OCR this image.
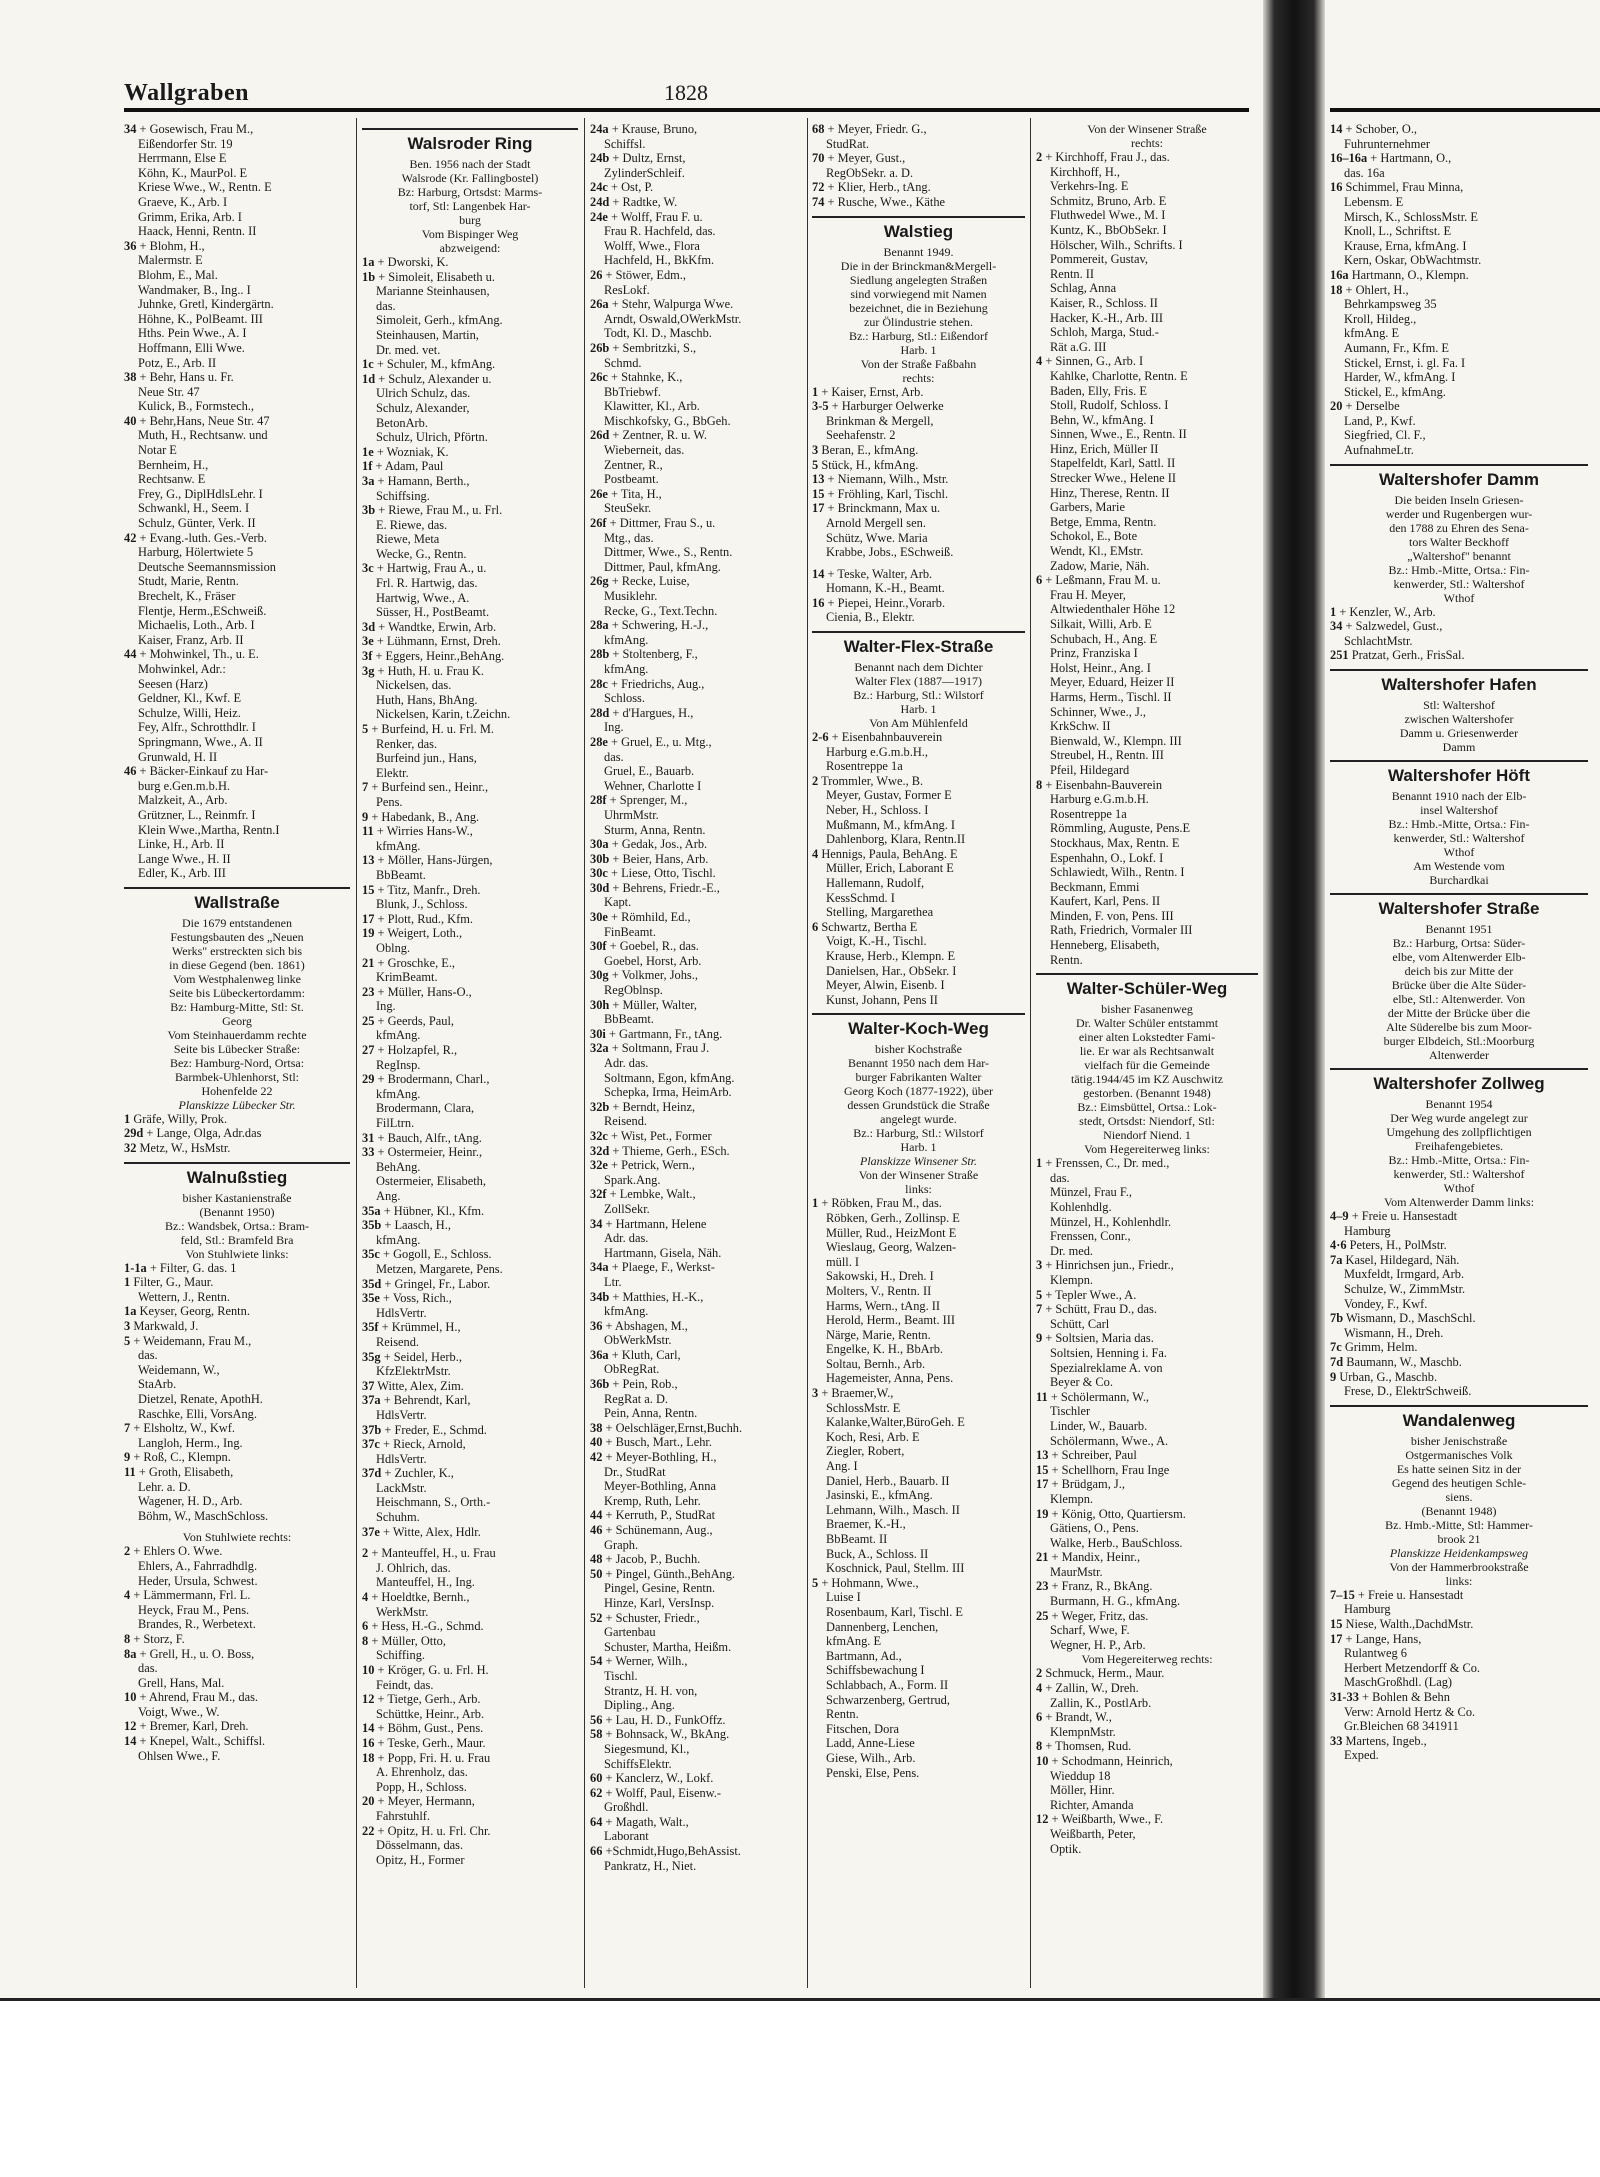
Wallgraben	1828
34 + Gosewisch, Frau M.,
Eißendorfer Str. 19
Herrmann, Else E
Köhn, K., MaurPol. E
Kriese Wwe., W., Rentn. E
Graeve, K., Arb. I
Grimm, Erika, Arb. I
Haack, Henni, Rentn. II
36 + Blohm, H.,
Malermstr. E
Blohm, E., Mal.
Wandmaker, B., Ing.. I
Juhnke, Gretl, Kindergärtn.
Höhne, K., PolBeamt. III
Hths. Pein Wwe., A. I
Hoffmann, Elli Wwe.
Potz, E., Arb. II
38 + Behr, Hans u. Fr.
Neue Str. 47
Kulick, B., Formstech.,
40 + Behr,Hans, Neue Str. 47
Muth, H., Rechtsanw. und
Notar E
Bernheim, H.,
Rechtsanw. E
Frey, G., DiplHdlsLehr. I
Schwankl, H., Seem. I
Schulz, Günter, Verk. II
42 + Evang.-luth. Ges.-Verb.
Harburg, Hölertwiete 5
Deutsche Seemannsmission
Studt, Marie, Rentn.
Brechelt, K., Fräser
Flentje, Herm.,ESchweiß.
Michaelis, Loth., Arb. I
Kaiser, Franz, Arb. II
44 + Mohwinkel, Th., u. E.
Mohwinkel, Adr.:
Seesen (Harz)
Geldner, Kl., Kwf. E
Schulze, Willi, Heiz.
Fey, Alfr., Schrotthdlr. I
Springmann, Wwe., A. II
Grunwald, H. II
46 + Bäcker-Einkauf zu Har-
burg e.Gen.m.b.H.
Malzkeit, A., Arb.
Grützner, L., Reinmfr. I
Klein Wwe.,Martha, Rentn.I
Linke, H., Arb. II
Lange Wwe., H. II
Edler, K., Arb. III
Wallstraße
Die 1679 entstandenen
Festungsbauten des „Neuen
Werks" erstreckten sich bis
in diese Gegend (ben. 1861)
Vom Westphalenweg linke
Seite bis Lübeckertordamm:
Bz: Hamburg-Mitte, Stl: St.
Georg
Vom Steinhauerdamm rechte
Seite bis Lübecker Straße:
Bez: Hamburg-Nord, Ortsa:
Barmbek-Uhlenhorst, Stl:
Hohenfelde 22
Planskizze Lübecker Str.
1 Gräfe, Willy, Prok.
29d + Lange, Olga, Adr.das
32 Metz, W., HsMstr.
Walnußstieg
bisher Kastanienstraße
(Benannt 1950)
Bz.: Wandsbek, Ortsa.: Bram-
feld, Stl.: Bramfeld Bra
Von Stuhlwiete links:
1-1a + Filter, G. das. 1
1 Filter, G., Maur.
Wettern, J., Rentn.
1a Keyser, Georg, Rentn.
3 Markwald, J.
5 + Weidemann, Frau M.,
das.
Weidemann, W.,
StaArb.
Dietzel, Renate, ApothH.
Raschke, Elli, VorsAng.
7 + Elsholtz, W., Kwf.
Langloh, Herm., Ing.
9 + Roß, C., Klempn.
11 + Groth, Elisabeth,
Lehr. a. D.
Wagener, H. D., Arb.
Böhm, W., MaschSchloss.
Von Stuhlwiete rechts:
2 + Ehlers O. Wwe.
Ehlers, A., Fahrradhdlg.
Heder, Ursula, Schwest.
4 + Lämmermann, Frl. L.
Heyck, Frau M., Pens.
Brandes, R., Werbetext.
8 + Storz, F.
8a + Grell, H., u. O. Boss,
das.
Grell, Hans, Mal.
10 + Ahrend, Frau M., das.
Voigt, Wwe., W.
12 + Bremer, Karl, Dreh.
14 + Knepel, Walt., Schiffsl.
Ohlsen Wwe., F.
Walsroder Ring
Ben. 1956 nach der Stadt
Walsrode (Kr. Fallingbostel)
Bz: Harburg, Ortsdst: Marms-
torf, Stl: Langenbek Har-
burg
Vom Bispinger Weg
abzweigend:
1a + Dworski, K.
1b + Simoleit, Elisabeth u.
Marianne Steinhausen,
das.
Simoleit, Gerh., kfmAng.
Steinhausen, Martin,
Dr. med. vet.
1c + Schuler, M., kfmAng.
1d + Schulz, Alexander u.
Ulrich Schulz, das.
Schulz, Alexander,
BetonArb.
Schulz, Ulrich, Pförtn.
1e + Wozniak, K.
1f + Adam, Paul
3a + Hamann, Berth.,
Schiffsing.
3b + Riewe, Frau M., u. Frl.
E. Riewe, das.
Riewe, Meta
Wecke, G., Rentn.
3c + Hartwig, Frau A., u.
Frl. R. Hartwig, das.
Hartwig, Wwe., A.
Süsser, H., PostBeamt.
3d + Wandtke, Erwin, Arb.
3e + Lühmann, Ernst, Dreh.
3f + Eggers, Heinr.,BehAng.
3g + Huth, H. u. Frau K.
Nickelsen, das.
Huth, Hans, BhAng.
Nickelsen, Karin, t.Zeichn.
5 + Burfeind, H. u. Frl. M.
Renker, das.
Burfeind jun., Hans,
Elektr.
7 + Burfeind sen., Heinr.,
Pens.
9 + Habedank, B., Ang.
11 + Wirries Hans-W.,
kfmAng.
13 + Möller, Hans-Jürgen,
BbBeamt.
15 + Titz, Manfr., Dreh.
Blunk, J., Schloss.
17 + Plott, Rud., Kfm.
19 + Weigert, Loth.,
Oblng.
21 + Groschke, E.,
KrimBeamt.
23 + Müller, Hans-O.,
Ing.
25 + Geerds, Paul,
kfmAng.
27 + Holzapfel, R.,
RegInsp.
29 + Brodermann, Charl.,
kfmAng.
Brodermann, Clara,
FilLtrn.
31 + Bauch, Alfr., tAng.
33 + Ostermeier, Heinr.,
BehAng.
Ostermeier, Elisabeth,
Ang.
35a + Hübner, Kl., Kfm.
35b + Laasch, H.,
kfmAng.
35c + Gogoll, E., Schloss.
Metzen, Margarete, Pens.
35d + Gringel, Fr., Labor.
35e + Voss, Rich.,
HdlsVertr.
35f + Krümmel, H.,
Reisend.
35g + Seidel, Herb.,
KfzElektrMstr.
37 Witte, Alex, Zim.
37a + Behrendt, Karl,
HdlsVertr.
37b + Freder, E., Schmd.
37c + Rieck, Arnold,
HdlsVertr.
37d + Zuchler, K.,
LackMstr.
Heischmann, S., Orth.-
Schuhm.
37e + Witte, Alex, Hdlr.
2 + Manteuffel, H., u. Frau
J. Ohlrich, das.
Manteuffel, H., Ing.
4 + Hoeldtke, Bernh.,
WerkMstr.
6 + Hess, H.-G., Schmd.
8 + Müller, Otto,
Schiffing.
10 + Kröger, G. u. Frl. H.
Feindt, das.
12 + Tietge, Gerh., Arb.
Schüttke, Heinr., Arb.
14 + Böhm, Gust., Pens.
16 + Teske, Gerh., Maur.
18 + Popp, Fri. H. u. Frau
A. Ehrenholz, das.
Popp, H., Schloss.
20 + Meyer, Hermann,
Fahrstuhlf.
22 + Opitz, H. u. Frl. Chr.
Dösselmann, das.
Opitz, H., Former
24a + Krause, Bruno,
Schiffsl.
24b + Dultz, Ernst,
ZylinderSchleif.
24c + Ost, P.
24d + Radtke, W.
24e + Wolff, Frau F. u.
Frau R. Hachfeld, das.
Wolff, Wwe., Flora
Hachfeld, H., BkKfm.
26 + Stöwer, Edm.,
ResLokf.
26a + Stehr, Walpurga Wwe.
Arndt, Oswald,OWerkMstr.
Todt, Kl. D., Maschb.
26b + Sembritzki, S.,
Schmd.
26c + Stahnke, K.,
BbTriebwf.
Klawitter, Kl., Arb.
Mischkofsky, G., BbGeh.
26d + Zentner, R. u. W.
Wieberneit, das.
Zentner, R.,
Postbeamt.
26e + Tita, H.,
SteuSekr.
26f + Dittmer, Frau S., u.
Mtg., das.
Dittmer, Wwe., S., Rentn.
Dittmer, Paul, kfmAng.
26g + Recke, Luise,
Musiklehr.
Recke, G., Text.Techn.
28a + Schwering, H.-J.,
kfmAng.
28b + Stoltenberg, F.,
kfmAng.
28c + Friedrichs, Aug.,
Schloss.
28d + d'Hargues, H.,
Ing.
28e + Gruel, E., u. Mtg.,
das.
Gruel, E., Bauarb.
Wehner, Charlotte I
28f + Sprenger, M.,
UhrmMstr.
Sturm, Anna, Rentn.
30a + Gedak, Jos., Arb.
30b + Beier, Hans, Arb.
30c + Liese, Otto, Tischl.
30d + Behrens, Friedr.-E.,
Kapt.
30e + Römhild, Ed.,
FinBeamt.
30f + Goebel, R., das.
Goebel, Horst, Arb.
30g + Volkmer, Johs.,
RegOblnsp.
30h + Müller, Walter,
BbBeamt.
30i + Gartmann, Fr., tAng.
32a + Soltmann, Frau J.
Adr. das.
Soltmann, Egon, kfmAng.
Schepka, Irma, HeimArb.
32b + Berndt, Heinz,
Reisend.
32c + Wist, Pet., Former
32d + Thieme, Gerh., ESch.
32e + Petrick, Wern.,
Spark.Ang.
32f + Lembke, Walt.,
ZollSekr.
34 + Hartmann, Helene
Adr. das.
Hartmann, Gisela, Näh.
34a + Plaege, F., Werkst-
Ltr.
34b + Matthies, H.-K.,
kfmAng.
36 + Abshagen, M.,
ObWerkMstr.
36a + Kluth, Carl,
ObRegRat.
36b + Pein, Rob.,
RegRat a. D.
Pein, Anna, Rentn.
38 + Oelschläger,Ernst,Buchh.
40 + Busch, Mart., Lehr.
42 + Meyer-Bothling, H.,
Dr., StudRat
Meyer-Bothling, Anna
Kremp, Ruth, Lehr.
44 + Kerruth, P., StudRat
46 + Schünemann, Aug.,
Graph.
48 + Jacob, P., Buchh.
50 + Pingel, Günth.,BehAng.
Pingel, Gesine, Rentn.
Hinze, Karl, VersInsp.
52 + Schuster, Friedr.,
Gartenbau
Schuster, Martha, Heißm.
54 + Werner, Wilh.,
Tischl.
Strantz, H. H. von,
Dipling., Ang.
56 + Lau, H. D., FunkOffz.
58 + Bohnsack, W., BkAng.
Siegesmund, Kl.,
SchiffsElektr.
60 + Kanclerz, W., Lokf.
62 + Wolff, Paul, Eisenw.-
Großhdl.
64 + Magath, Walt.,
Laborant
66 +Schmidt,Hugo,BehAssist.
Pankratz, H., Niet.
68 + Meyer, Friedr. G.,
StudRat.
70 + Meyer, Gust.,
RegObSekr. a. D.
72 + Klier, Herb., tAng.
74 + Rusche, Wwe., Käthe
Walstieg
Benannt 1949.
Die in der Brinckman&Mergell-
Siedlung angelegten Straßen
sind vorwiegend mit Namen
bezeichnet, die in Beziehung
zur Ölindustrie stehen.
Bz.: Harburg, Stl.: Eißendorf
Harb. 1
Von der Straße Faßbahn
rechts:
1 + Kaiser, Ernst, Arb.
3-5 + Harburger Oelwerke
Brinkman & Mergell,
Seehafenstr. 2
3 Beran, E., kfmAng.
5 Stück, H., kfmAng.
13 + Niemann, Wilh., Mstr.
15 + Fröhling, Karl, Tischl.
17 + Brinckmann, Max u.
Arnold Mergell sen.
Schütz, Wwe. Maria
Krabbe, Jobs., ESchweiß.
14 + Teske, Walter, Arb.
Homann, K.-H., Beamt.
16 + Piepei, Heinr.,Vorarb.
Cienia, B., Elektr.
Walter-Flex-Straße
Benannt nach dem Dichter
Walter Flex (1887—1917)
Bz.: Harburg, Stl.: Wilstorf
Harb. 1
Von Am Mühlenfeld
2-6 + Eisenbahnbauverein
Harburg e.G.m.b.H.,
Rosentreppe 1a
2 Trommler, Wwe., B.
Meyer, Gustav, Former E
Neber, H., Schloss. I
Mußmann, M., kfmAng. I
Dahlenborg, Klara, Rentn.II
4 Hennigs, Paula, BehAng. E
Müller, Erich, Laborant E
Hallemann, Rudolf,
KessSchmd. I
Stelling, Margarethea
6 Schwartz, Bertha E
Voigt, K.-H., Tischl.
Krause, Herb., Klempn. E
Danielsen, Har., ObSekr. I
Meyer, Alwin, Eisenb. I
Kunst, Johann, Pens II
Walter-Koch-Weg
bisher Kochstraße
Benannt 1950 nach dem Har-
burger Fabrikanten Walter
Georg Koch (1877-1922), über
dessen Grundstück die Straße
angelegt wurde.
Bz.: Harburg, Stl.: Wilstorf
Harb. 1
Planskizze Winsener Str.
Von der Winsener Straße
links:
1 + Röbken, Frau M., das.
Röbken, Gerh., Zollinsp. E
Müller, Rud., HeizMont E
Wieslaug, Georg, Walzen-
müll. I
Sakowski, H., Dreh. I
Molters, V., Rentn. II
Harms, Wern., tAng. II
Herold, Herm., Beamt. III
Närge, Marie, Rentn.
Engelke, K. H., BbArb.
Soltau, Bernh., Arb.
Hagemeister, Anna, Pens.
3 + Braemer,W.,
SchlossMstr. E
Kalanke,Walter,BüroGeh. E
Koch, Resi, Arb. E
Ziegler, Robert,
Ang. I
Daniel, Herb., Bauarb. II
Jasinski, E., kfmAng.
Lehmann, Wilh., Masch. II
Braemer, K.-H.,
BbBeamt. II
Buck, A., Schloss. II
Koschnick, Paul, Stellm. III
5 + Hohmann, Wwe.,
Luise I
Rosenbaum, Karl, Tischl. E
Dannenberg, Lenchen,
kfmAng. E
Bartmann, Ad.,
Schiffsbewachung I
Schlabbach, A., Form. II
Schwarzenberg, Gertrud,
Rentn.
Fitschen, Dora
Ladd, Anne-Liese
Giese, Wilh., Arb.
Penski, Else, Pens.
Von der Winsener Straße
rechts:
2 + Kirchhoff, Frau J., das.
Kirchhoff, H.,
Verkehrs-Ing. E
Schmitz, Bruno, Arb. E
Fluthwedel Wwe., M. I
Kuntz, K., BbObSekr. I
Hölscher, Wilh., Schrifts. I
Pommereit, Gustav,
Rentn. II
Schlag, Anna
Kaiser, R., Schloss. II
Hacker, K.-H., Arb. III
Schloh, Marga, Stud.-
Rät a.G. III
4 + Sinnen, G., Arb. I
Kahlke, Charlotte, Rentn. E
Baden, Elly, Fris. E
Stoll, Rudolf, Schloss. I
Behn, W., kfmAng. I
Sinnen, Wwe., E., Rentn. II
Hinz, Erich, Müller II
Stapelfeldt, Karl, Sattl. II
Strecker Wwe., Helene II
Hinz, Therese, Rentn. II
Garbers, Marie
Betge, Emma, Rentn.
Schokol, E., Bote
Wendt, Kl., EMstr.
Zadow, Marie, Näh.
6 + Leßmann, Frau M. u.
Frau H. Meyer,
Altwiedenthaler Höhe 12
Silkait, Willi, Arb. E
Schubach, H., Ang. E
Prinz, Franziska I
Holst, Heinr., Ang. I
Meyer, Eduard, Heizer II
Harms, Herm., Tischl. II
Schinner, Wwe., J.,
KrkSchw. II
Bienwald, W., Klempn. III
Streubel, H., Rentn. III
Pfeil, Hildegard
8 + Eisenbahn-Bauverein
Harburg e.G.m.b.H.
Rosentreppe 1a
Römmling, Auguste, Pens.E
Stockhaus, Max, Rentn. E
Espenhahn, O., Lokf. I
Schlawiedt, Wilh., Rentn. I
Beckmann, Emmi
Kaufert, Karl, Pens. II
Minden, F. von, Pens. III
Rath, Friedrich, Vormaler III
Henneberg, Elisabeth,
Rentn.
Walter-Schüler-Weg
bisher Fasanenweg
Dr. Walter Schüler entstammt
einer alten Lokstedter Fami-
lie. Er war als Rechtsanwalt
vielfach für die Gemeinde
tätig.1944/45 im KZ Auschwitz
gestorben. (Benannt 1948)
Bz.: Eimsbüttel, Ortsa.: Lok-
stedt, Ortsdst: Niendorf, Stl:
Niendorf Niend. 1
Vom Hegereiterweg links:
1 + Frenssen, C., Dr. med.,
das.
Münzel, Frau F.,
Kohlenhdlg.
Münzel, H., Kohlenhdlr.
Frenssen, Conr.,
Dr. med.
3 + Hinrichsen jun., Friedr.,
Klempn.
5 + Tepler Wwe., A.
7 + Schütt, Frau D., das.
Schütt, Carl
9 + Soltsien, Maria das.
Soltsien, Henning i. Fa.
Spezialreklame A. von
Beyer & Co.
11 + Schölermann, W.,
Tischler
Linder, W., Bauarb.
Schölermann, Wwe., A.
13 + Schreiber, Paul
15 + Schellhorn, Frau Inge
17 + Brüdgam, J.,
Klempn.
19 + König, Otto, Quartiersm.
Gätiens, O., Pens.
Walke, Herb., BauSchloss.
21 + Mandix, Heinr.,
MaurMstr.
23 + Franz, R., BkAng.
Burmann, H. G., kfmAng.
25 + Weger, Fritz, das.
Scharf, Wwe, F.
Wegner, H. P., Arb.
Vom Hegereiterweg rechts:
2 Schmuck, Herm., Maur.
4 + Zallin, W., Dreh.
Zallin, K., PostlArb.
6 + Brandt, W.,
KlempnMstr.
8 + Thomsen, Rud.
10 + Schodmann, Heinrich,
Wieddup 18
Möller, Hinr.
Richter, Amanda
12 + Weißbarth, Wwe., F.
Weißbarth, Peter,
Optik.
14 + Schober, O.,
Fuhrunternehmer
16–16a + Hartmann, O.,
das. 16a
16 Schimmel, Frau Minna,
Lebensm. E
Mirsch, K., SchlossMstr. E
Knoll, L., Schriftst. E
Krause, Erna, kfmAng. I
Kern, Oskar, ObWachtmstr.
16a Hartmann, O., Klempn.
18 + Ohlert, H.,
Behrkampsweg 35
Kroll, Hildeg.,
kfmAng. E
Aumann, Fr., Kfm. E
Stickel, Ernst, i. gl. Fa. I
Harder, W., kfmAng. I
Stickel, E., kfmAng.
20 + Derselbe
Land, P., Kwf.
Siegfried, Cl. F.,
AufnahmeLtr.
Waltershofer Damm
Die beiden Inseln Griesen-
werder und Rugenbergen wur-
den 1788 zu Ehren des Sena-
tors Walter Beckhoff
„Waltershof" benannt
Bz.: Hmb.-Mitte, Ortsa.: Fin-
kenwerder, Stl.: Waltershof
Wthof
1 + Kenzler, W., Arb.
34 + Salzwedel, Gust.,
SchlachtMstr.
251 Pratzat, Gerh., FrisSal.
Waltershofer Hafen
Stl: Waltershof
zwischen Waltershofer
Damm u. Griesenwerder
Damm
Waltershofer Höft
Benannt 1910 nach der Elb-
insel Waltershof
Bz.: Hmb.-Mitte, Ortsa.: Fin-
kenwerder, Stl.: Waltershof
Wthof
Am Westende vom
Burchardkai
Waltershofer Straße
Benannt 1951
Bz.: Harburg, Ortsa: Süder-
elbe, vom Altenwerder Elb-
deich bis zur Mitte der
Brücke über die Alte Süder-
elbe, Stl.: Altenwerder. Von
der Mitte der Brücke über die
Alte Süderelbe bis zum Moor-
burger Elbdeich, Stl.:Moorburg
Altenwerder
Waltershofer Zollweg
Benannt 1954
Der Weg wurde angelegt zur
Umgehung des zollpflichtigen
Freihafengebietes.
Bz.: Hmb.-Mitte, Ortsa.: Fin-
kenwerder, Stl.: Waltershof
Wthof
Vom Altenwerder Damm links:
4–9 + Freie u. Hansestadt
Hamburg
4·6 Peters, H., PolMstr.
7a Kasel, Hildegard, Näh.
Muxfeldt, Irmgard, Arb.
Schulze, W., ZimmMstr.
Vondey, F., Kwf.
7b Wismann, D., MaschSchl.
Wismann, H., Dreh.
7c Grimm, Helm.
7d Baumann, W., Maschb.
9 Urban, G., Maschb.
Frese, D., ElektrSchweiß.
Wandalenweg
bisher Jenischstraße
Ostgermanisches Volk
Es hatte seinen Sitz in der
Gegend des heutigen Schle-
siens.
(Benannt 1948)
Bz. Hmb.-Mitte, Stl: Hammer-
brook 21
Planskizze Heidenkampsweg
Von der Hammerbrookstraße
links:
7–15 + Freie u. Hansestadt
Hamburg
15 Niese, Walth.,DachdMstr.
17 + Lange, Hans,
Rulantweg 6
Herbert Metzendorff & Co.
MaschGroßhdl. (Lag)
31-33 + Bohlen & Behn
Verw: Arnold Hertz & Co.
Gr.Bleichen 68 341911
33 Martens, Ingeb.,
Exped.
